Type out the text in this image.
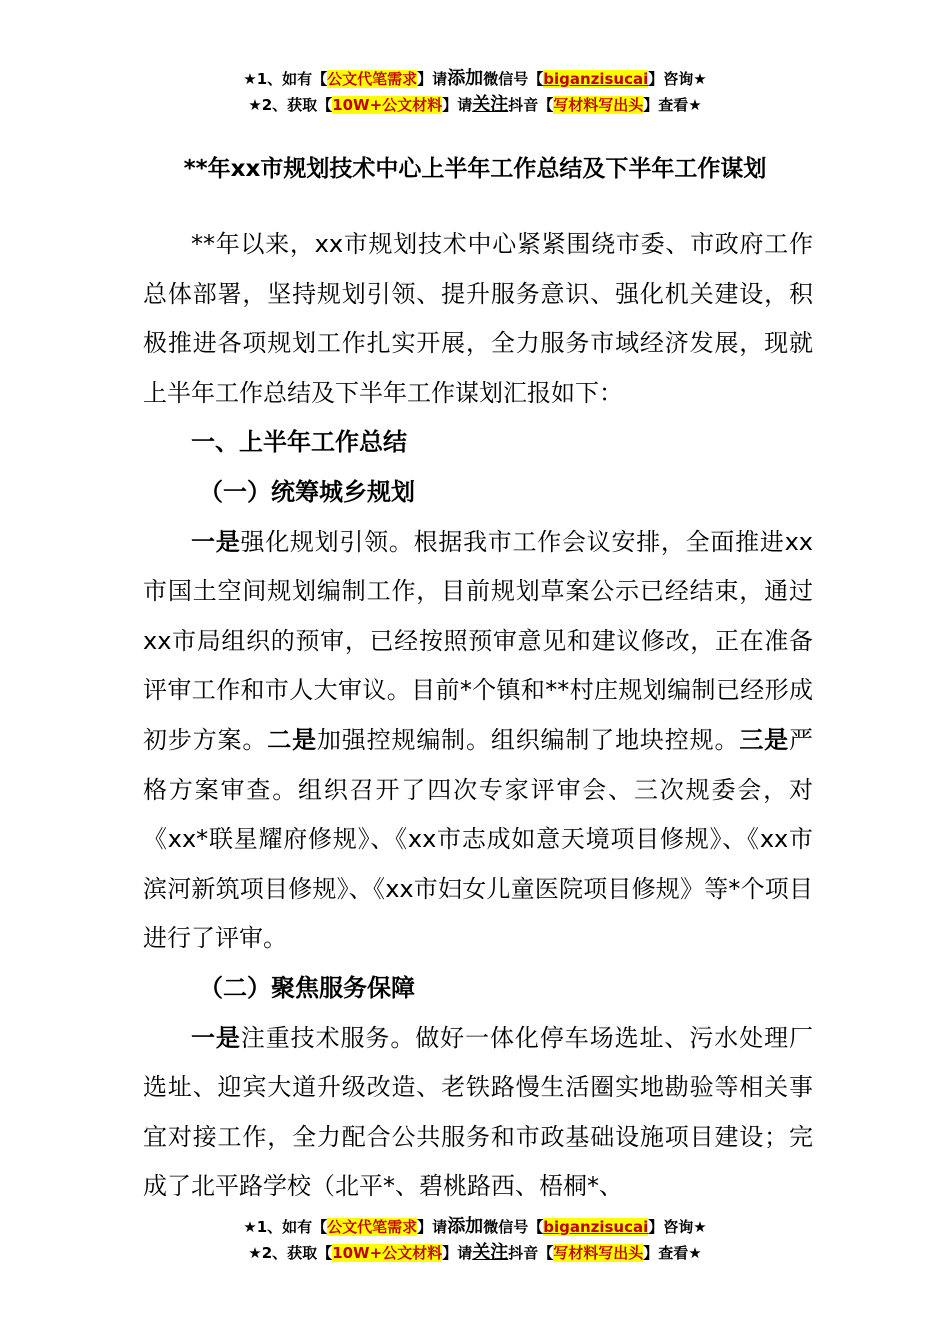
★1、如有【公文代笔需求】请添加微信号【biganzisucai】咨询★
★2、获取【10W+公文材料】请关注抖音【写材料写出头】查看★
**年xx市规划技术中心上半年工作总结及下半年工作谋划

**年以来，xx市规划技术中心紧紧围绕市委、市政府工作总体部署，坚持规划引领、提升服务意识、强化机关建设，积极推进各项规划工作扎实开展，全力服务市域经济发展，现就上半年工作总结及下半年工作谋划汇报如下：

一、上半年工作总结

（一）统筹城乡规划

一是强化规划引领。根据我市工作会议安排，全面推进xx市国土空间规划编制工作，目前规划草案公示已经结束，通过xx市局组织的预审，已经按照预审意见和建议修改，正在准备评审工作和市人大审议。目前*个镇和**村庄规划编制已经形成初步方案。二是加强控规编制。组织编制了地块控规。三是严格方案审查。组织召开了四次专家评审会、三次规委会，对《xx*联星耀府修规》、《xx市志成如意天境项目修规》、《xx市滨河新筑项目修规》、《xx市妇女儿童医院项目修规》等*个项目进行了评审。

（二）聚焦服务保障

一是注重技术服务。做好一体化停车场选址、污水处理厂选址、迎宾大道升级改造、老铁路慢生活圈实地勘验等相关事宜对接工作，全力配合公共服务和市政基础设施项目建设；完成了北平路学校（北平*、碧桃路西、梧桐*、

★1、如有【公文代笔需求】请添加微信号【biganzisucai】咨询★
★2、获取【10W+公文材料】请关注抖音【写材料写出头】查看★
